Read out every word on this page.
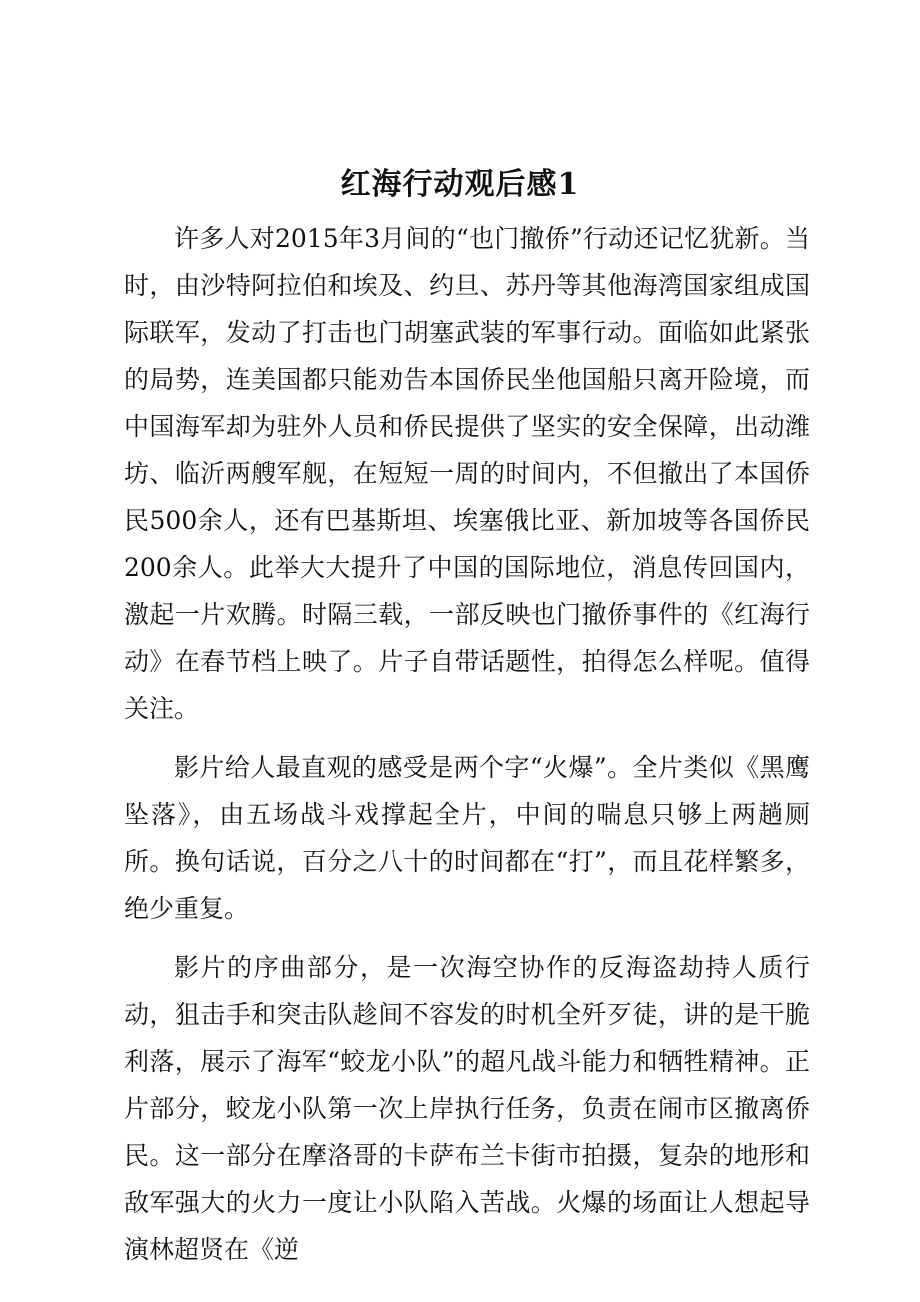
红海行动观后感1

许多人对2015年3月间的“也门撤侨”行动还记忆犹新。当时，由沙特阿拉伯和埃及、约旦、苏丹等其他海湾国家组成国际联军，发动了打击也门胡塞武装的军事行动。面临如此紧张的局势，连美国都只能劝告本国侨民坐他国船只离开险境，而中国海军却为驻外人员和侨民提供了坚实的安全保障，出动潍坊、临沂两艘军舰，在短短一周的时间内，不但撤出了本国侨民500余人，还有巴基斯坦、埃塞俄比亚、新加坡等各国侨民200余人。此举大大提升了中国的国际地位，消息传回国内，激起一片欢腾。时隔三载，一部反映也门撤侨事件的《红海行动》在春节档上映了。片子自带话题性，拍得怎么样呢。值得关注。

影片给人最直观的感受是两个字“火爆”。全片类似《黑鹰坠落》，由五场战斗戏撑起全片，中间的喘息只够上两趟厕所。换句话说，百分之八十的时间都在“打”，而且花样繁多，绝少重复。

影片的序曲部分，是一次海空协作的反海盗劫持人质行动，狙击手和突击队趁间不容发的时机全歼歹徒，讲的是干脆利落，展示了海军“蛟龙小队”的超凡战斗能力和牺牲精神。正片部分，蛟龙小队第一次上岸执行任务，负责在闹市区撤离侨民。这一部分在摩洛哥的卡萨布兰卡街市拍摄，复杂的地形和敌军强大的火力一度让小队陷入苦战。火爆的场面让人想起导演林超贤在《逆
